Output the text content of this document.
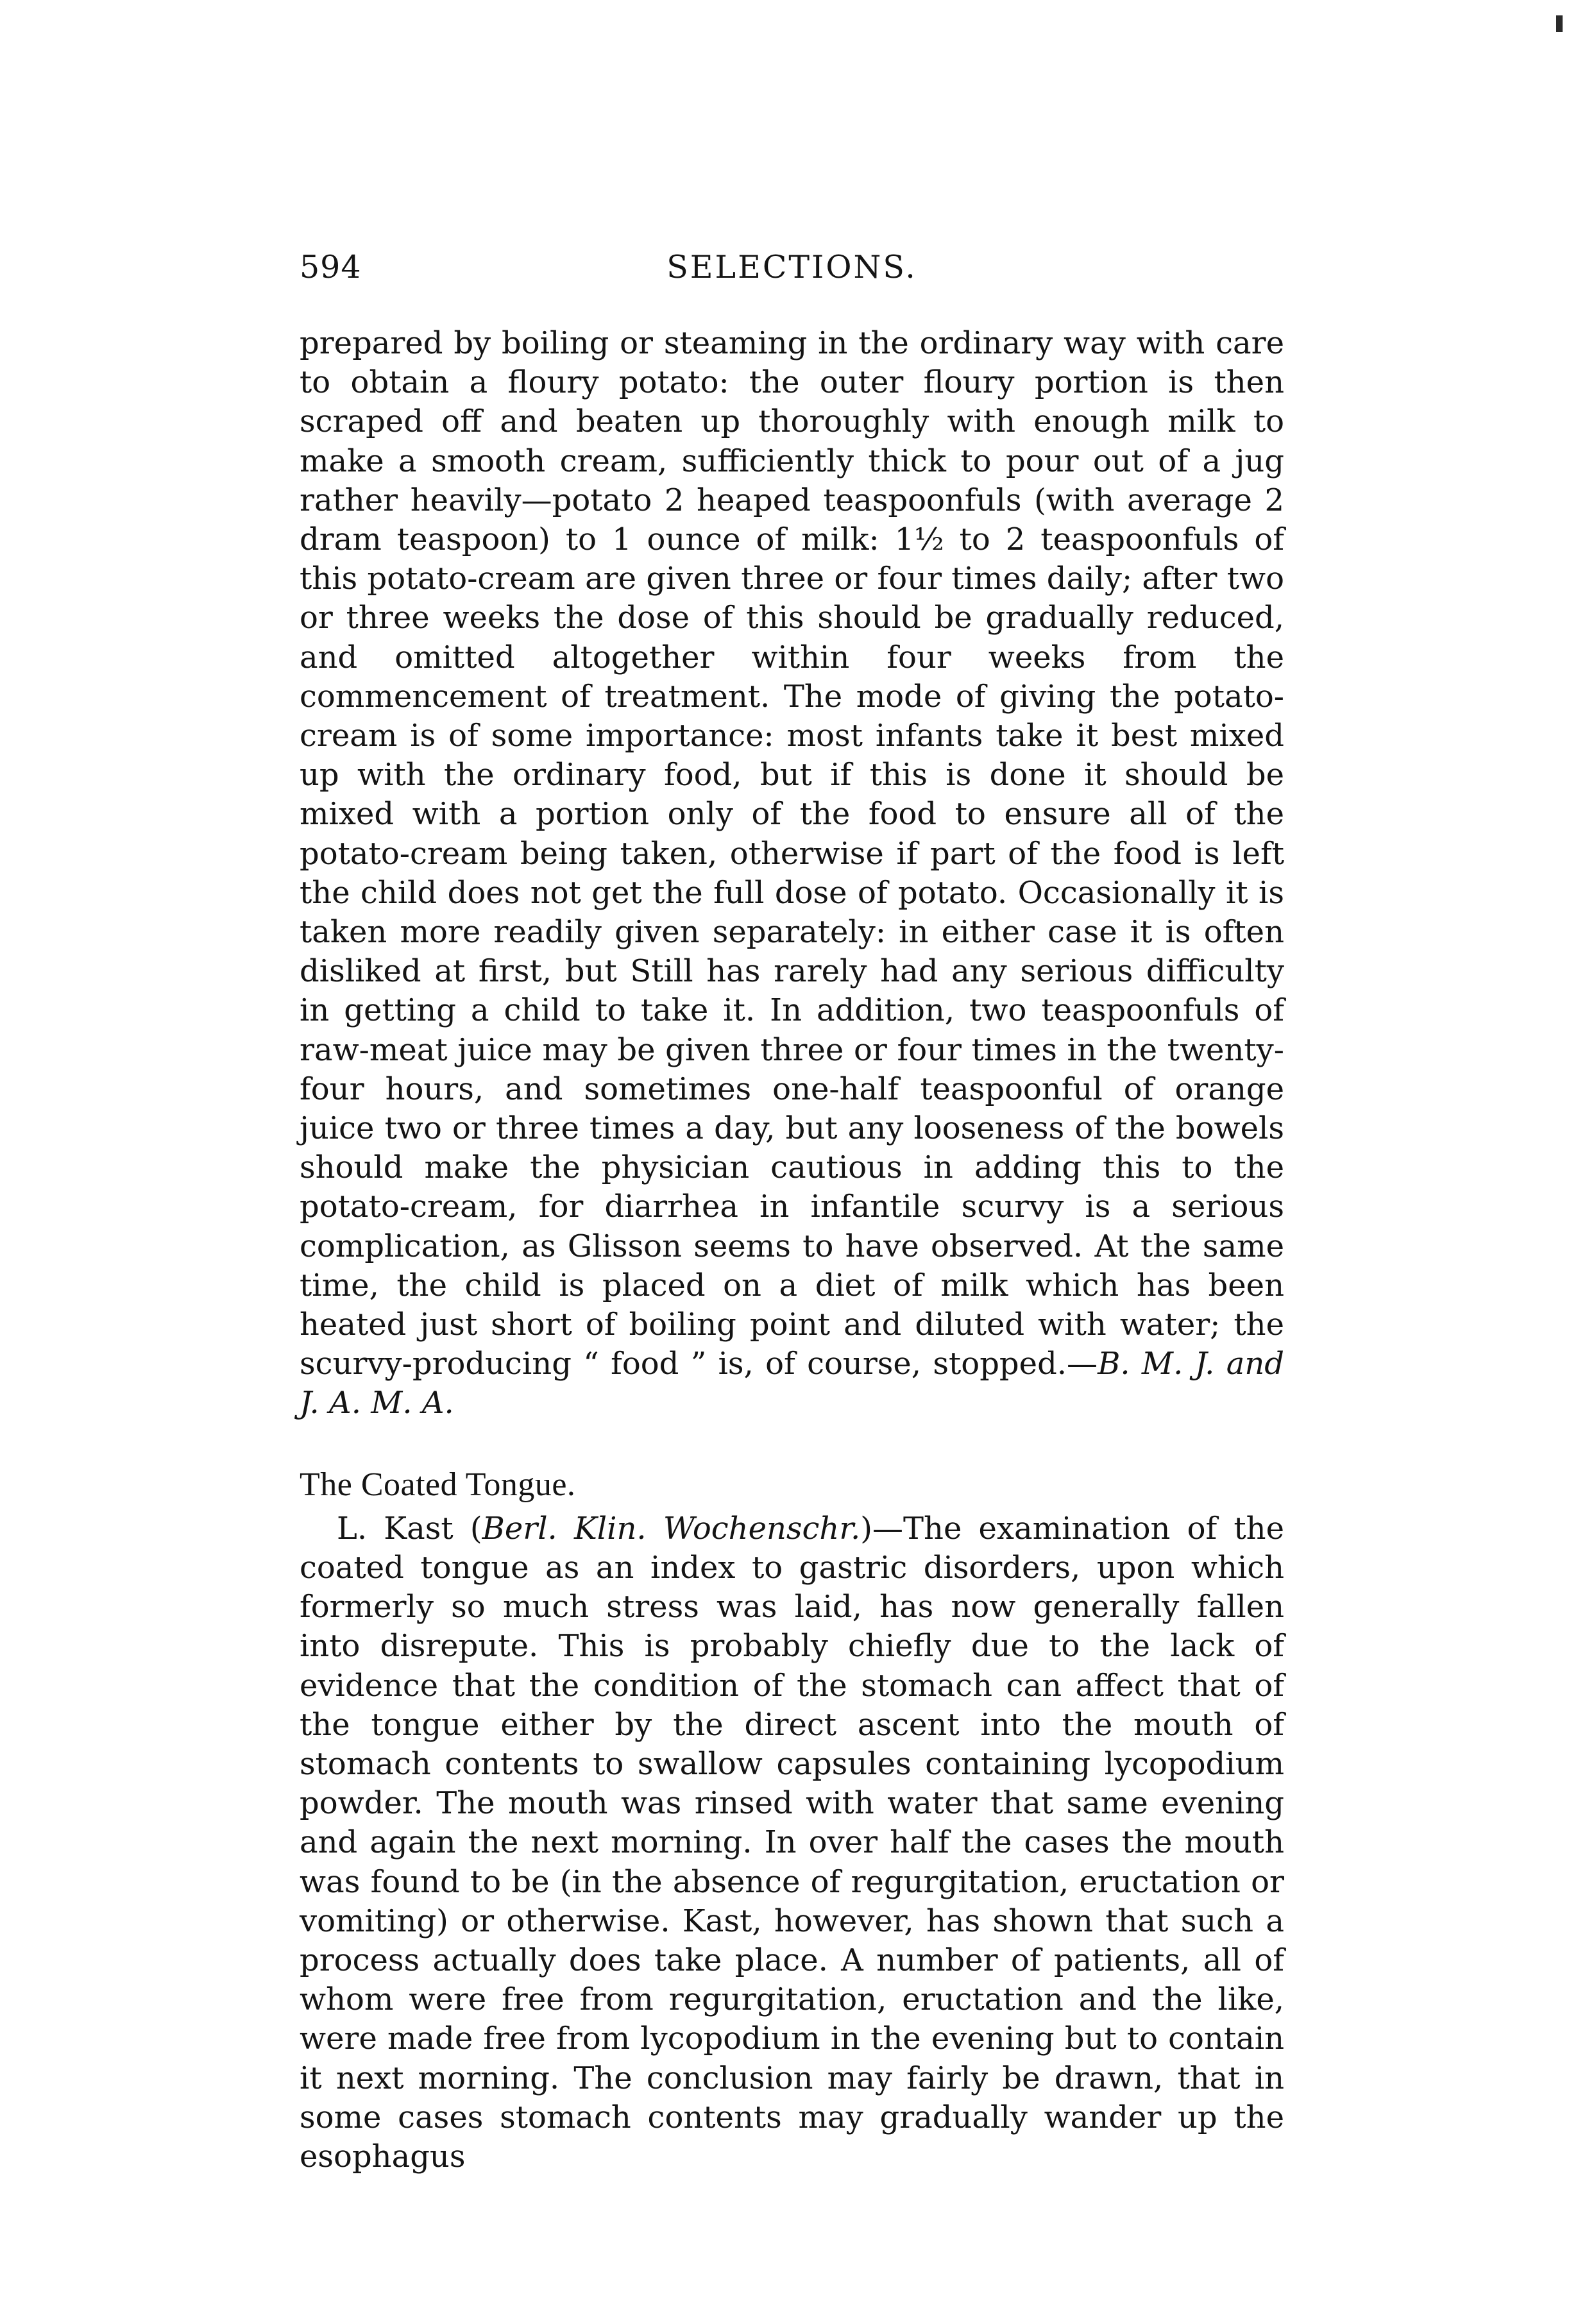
594	SELECTIONS.

prepared by boiling or steaming in the ordinary way with care to obtain a floury potato: the outer floury portion is then scraped off and beaten up thoroughly with enough milk to make a smooth cream, sufficiently thick to pour out of a jug rather heavily—potato 2 heaped teaspoonfuls (with average 2 dram teaspoon) to 1 ounce of milk: 1½ to 2 teaspoonfuls of this potato-cream are given three or four times daily; after two or three weeks the dose of this should be gradually reduced, and omitted altogether within four weeks from the commencement of treatment. The mode of giving the potato-cream is of some importance: most infants take it best mixed up with the ordinary food, but if this is done it should be mixed with a portion only of the food to ensure all of the potato-cream being taken, otherwise if part of the food is left the child does not get the full dose of potato. Occasionally it is taken more readily given separately: in either case it is often disliked at first, but Still has rarely had any serious difficulty in getting a child to take it. In addition, two teaspoonfuls of raw-meat juice may be given three or four times in the twenty-four hours, and sometimes one-half teaspoonful of orange juice two or three times a day, but any looseness of the bowels should make the physician cautious in adding this to the potato-cream, for diarrhea in infantile scurvy is a serious complication, as Glisson seems to have observed. At the same time, the child is placed on a diet of milk which has been heated just short of boiling point and diluted with water; the scurvy-producing “ food ” is, of course, stopped.—B. M. J. and J. A. M. A.

The Coated Tongue.

L. Kast (Berl. Klin. Wochenschr.)—The examination of the coated tongue as an index to gastric disorders, upon which formerly so much stress was laid, has now generally fallen into disrepute. This is probably chiefly due to the lack of evidence that the condition of the stomach can affect that of the tongue either by the direct ascent into the mouth of stomach contents to swallow capsules containing lycopodium powder. The mouth was rinsed with water that same evening and again the next morning. In over half the cases the mouth was found to be (in the absence of regurgitation, eructation or vomiting) or otherwise. Kast, however, has shown that such a process actually does take place. A number of patients, all of whom were free from regurgitation, eructation and the like, were made free from lycopodium in the evening but to contain it next morning. The conclusion may fairly be drawn, that in some cases stomach contents may gradually wander up the esophagus
